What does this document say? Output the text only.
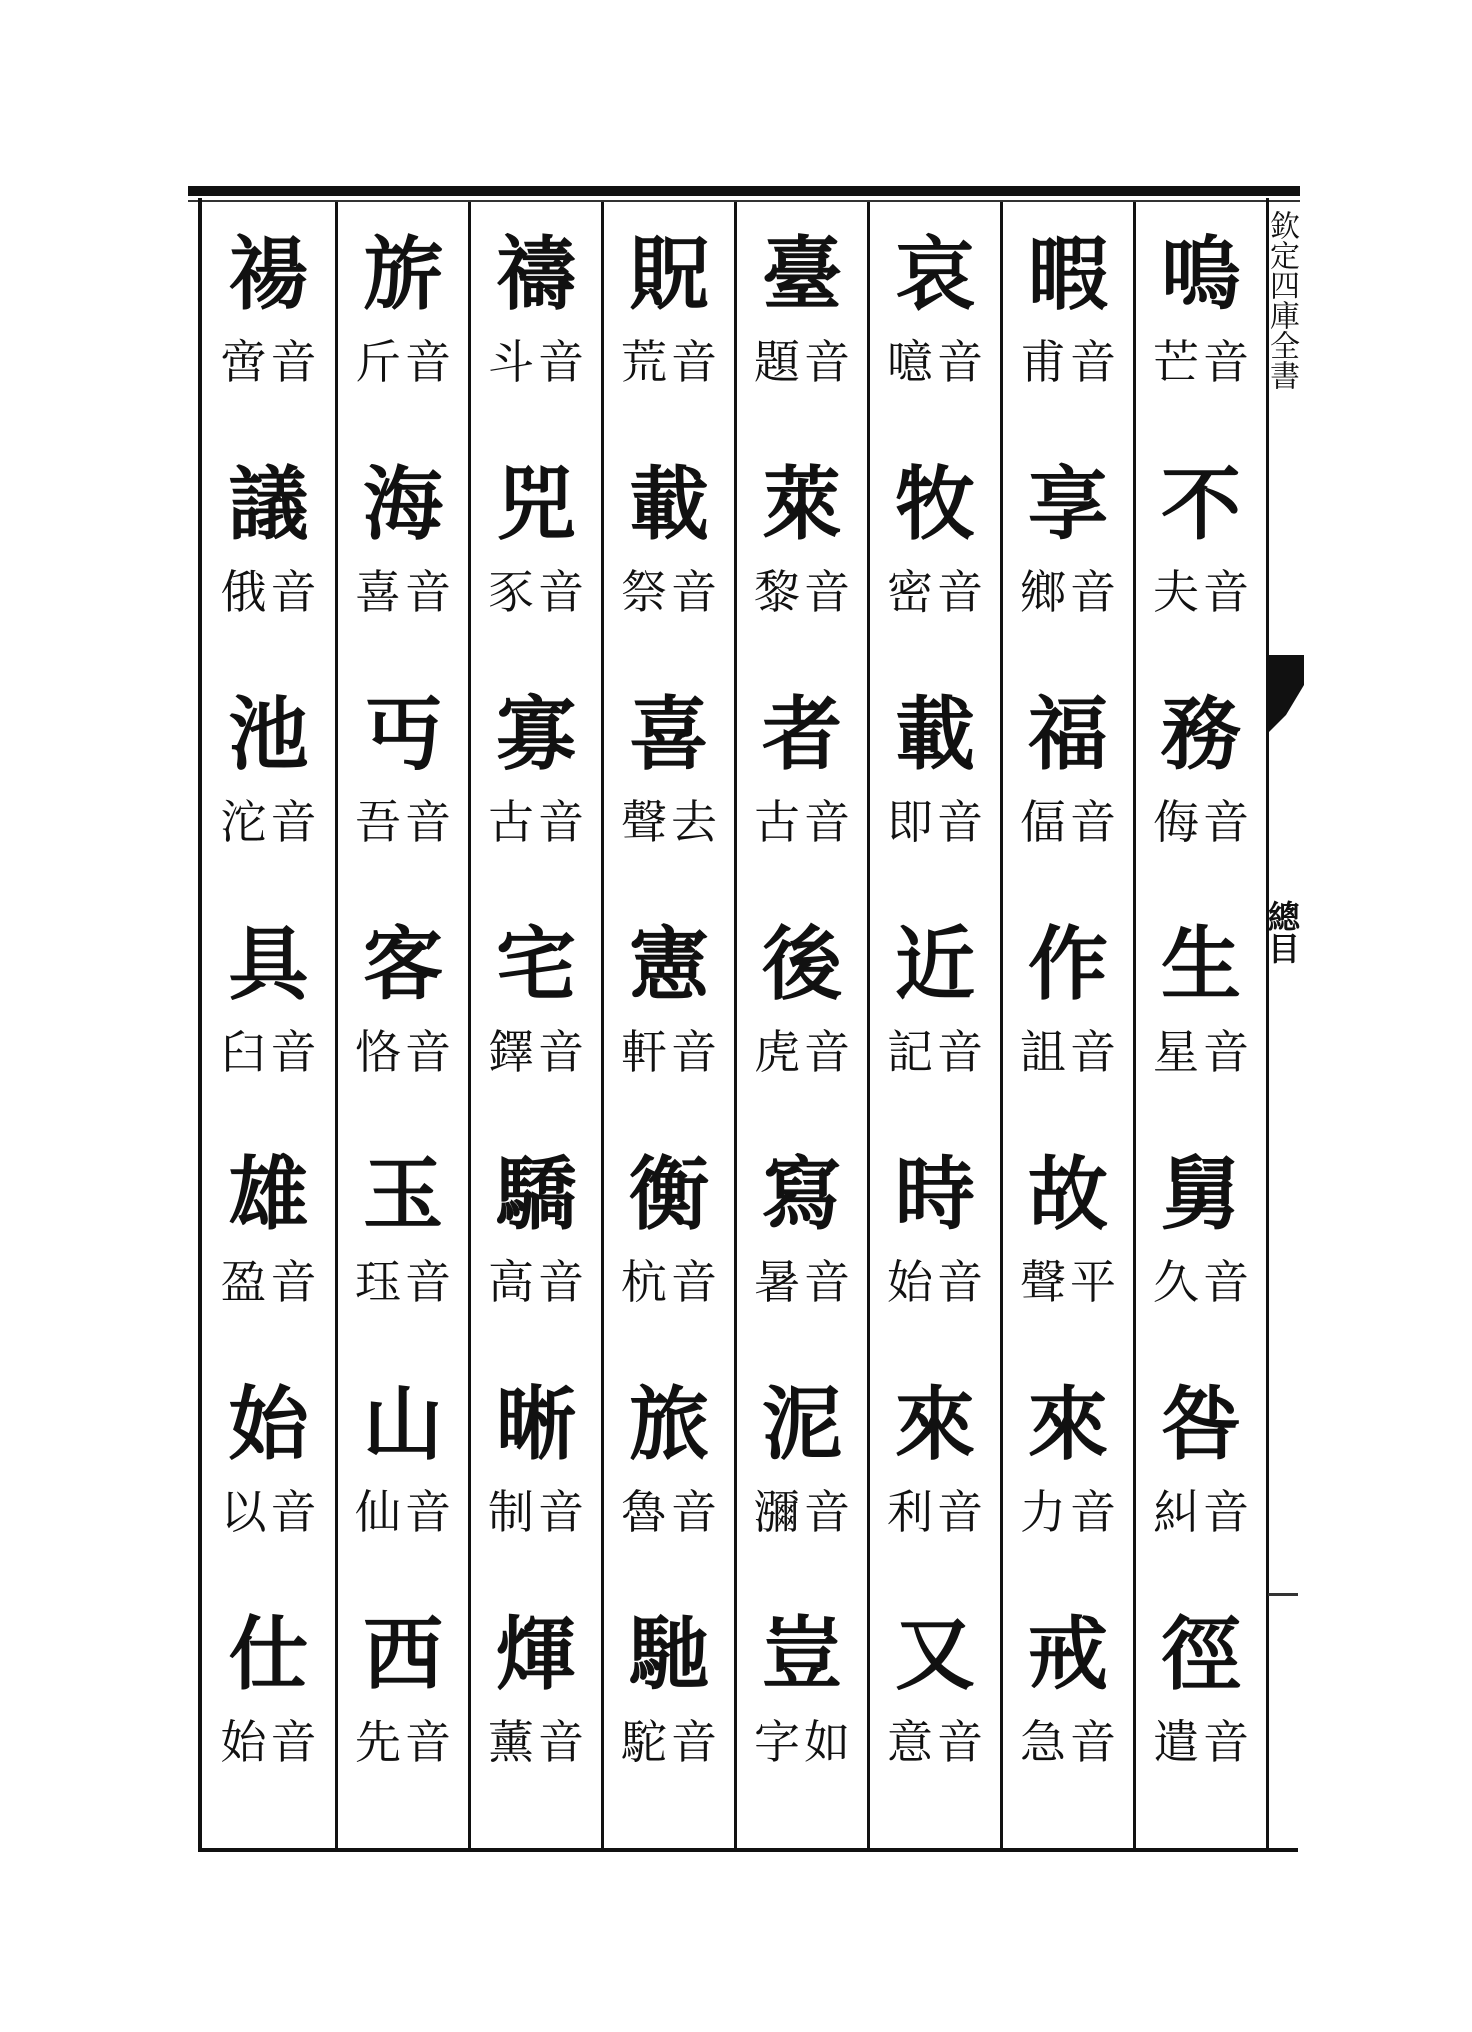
嗚
芒 音
不
夫 音
務
侮 音
生
星 音
舅
久 音
咎
糾 音
徑
遣 音
暇
甫 音
享
鄉 音
福
偪 音
作
詛 音
故
聲 平
來
力 音
戒
急 音
哀
噫 音
牧
密 音
載
即 音
近
記 音
時
始 音
來
利 音
又
意 音
臺
題 音
萊
黎 音
者
古 音
後
虎 音
寫
暑 音
泥
瀰 音
豈
字 如
貺
荒 音
載
祭 音
喜
聲 去
憲
軒 音
衡
杭 音
旅
魯 音
馳
駝 音
禱
斗 音
兕
豕 音
寡
古 音
宅
鐸 音
驕
高 音
晰
制 音
煇
薰 音
旂
斤 音
海
喜 音
丏
吾 音
客
恪 音
玉
珏 音
山
仙 音
西
先 音
禓
啻 音
議
俄 音
池
沱 音
具
臼 音
雄
盈 音
始
以 音
仕
始 音
欽定四庫全書
總目
